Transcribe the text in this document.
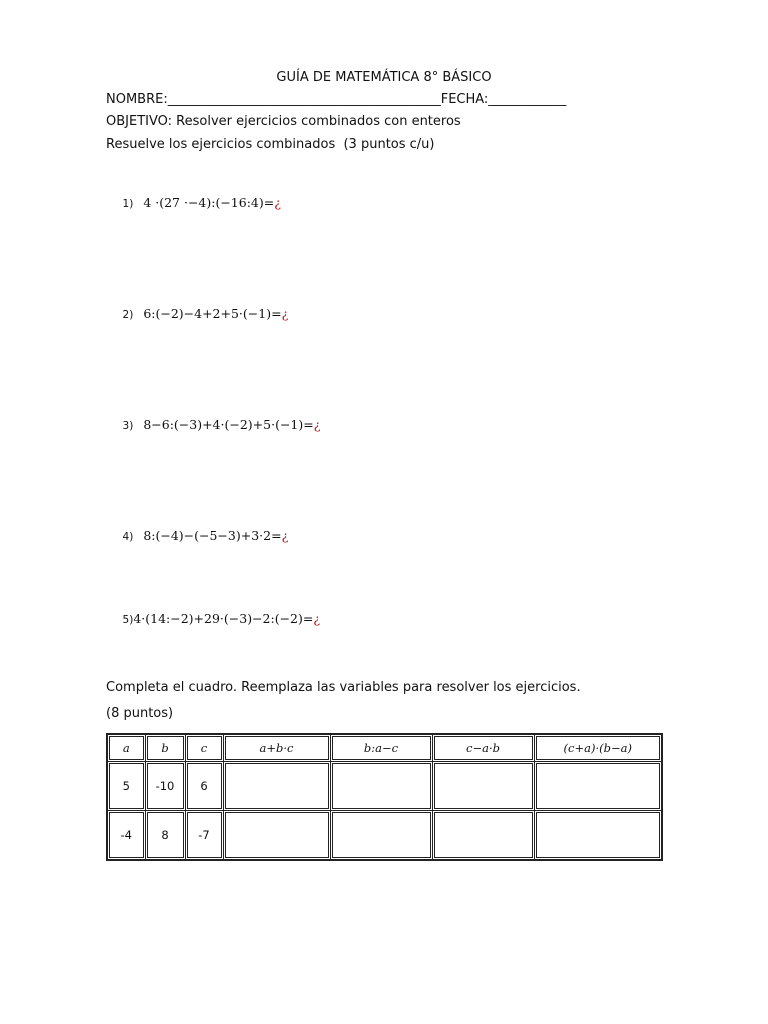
GUÍA DE MATEMÁTICA 8° BÁSICO
NOMBRE:__________________________________________FECHA:____________
OBJETIVO: Resolver ejercicios combinados con enteros
Resuelve los ejercicios combinados  (3 puntos c/u)

1) 4 ·(27 ·−4):(−16:4)=¿

2) 6:(−2)−4+2+5·(−1)=¿

3) 8−6:(−3)+4·(−2)+5·(−1)=¿

4) 8:(−4)−(−5−3)+3·2=¿

5)4·(14:−2)+29·(−3)−2:(−2)=¿

Completa el cuadro. Reemplaza las variables para resolver los ejercicios.
(8 puntos)
a	b	c	a+b·c	b:a−c	c−a·b	(c+a)·(b−a)
5	-10	6				
-4	8	-7				
